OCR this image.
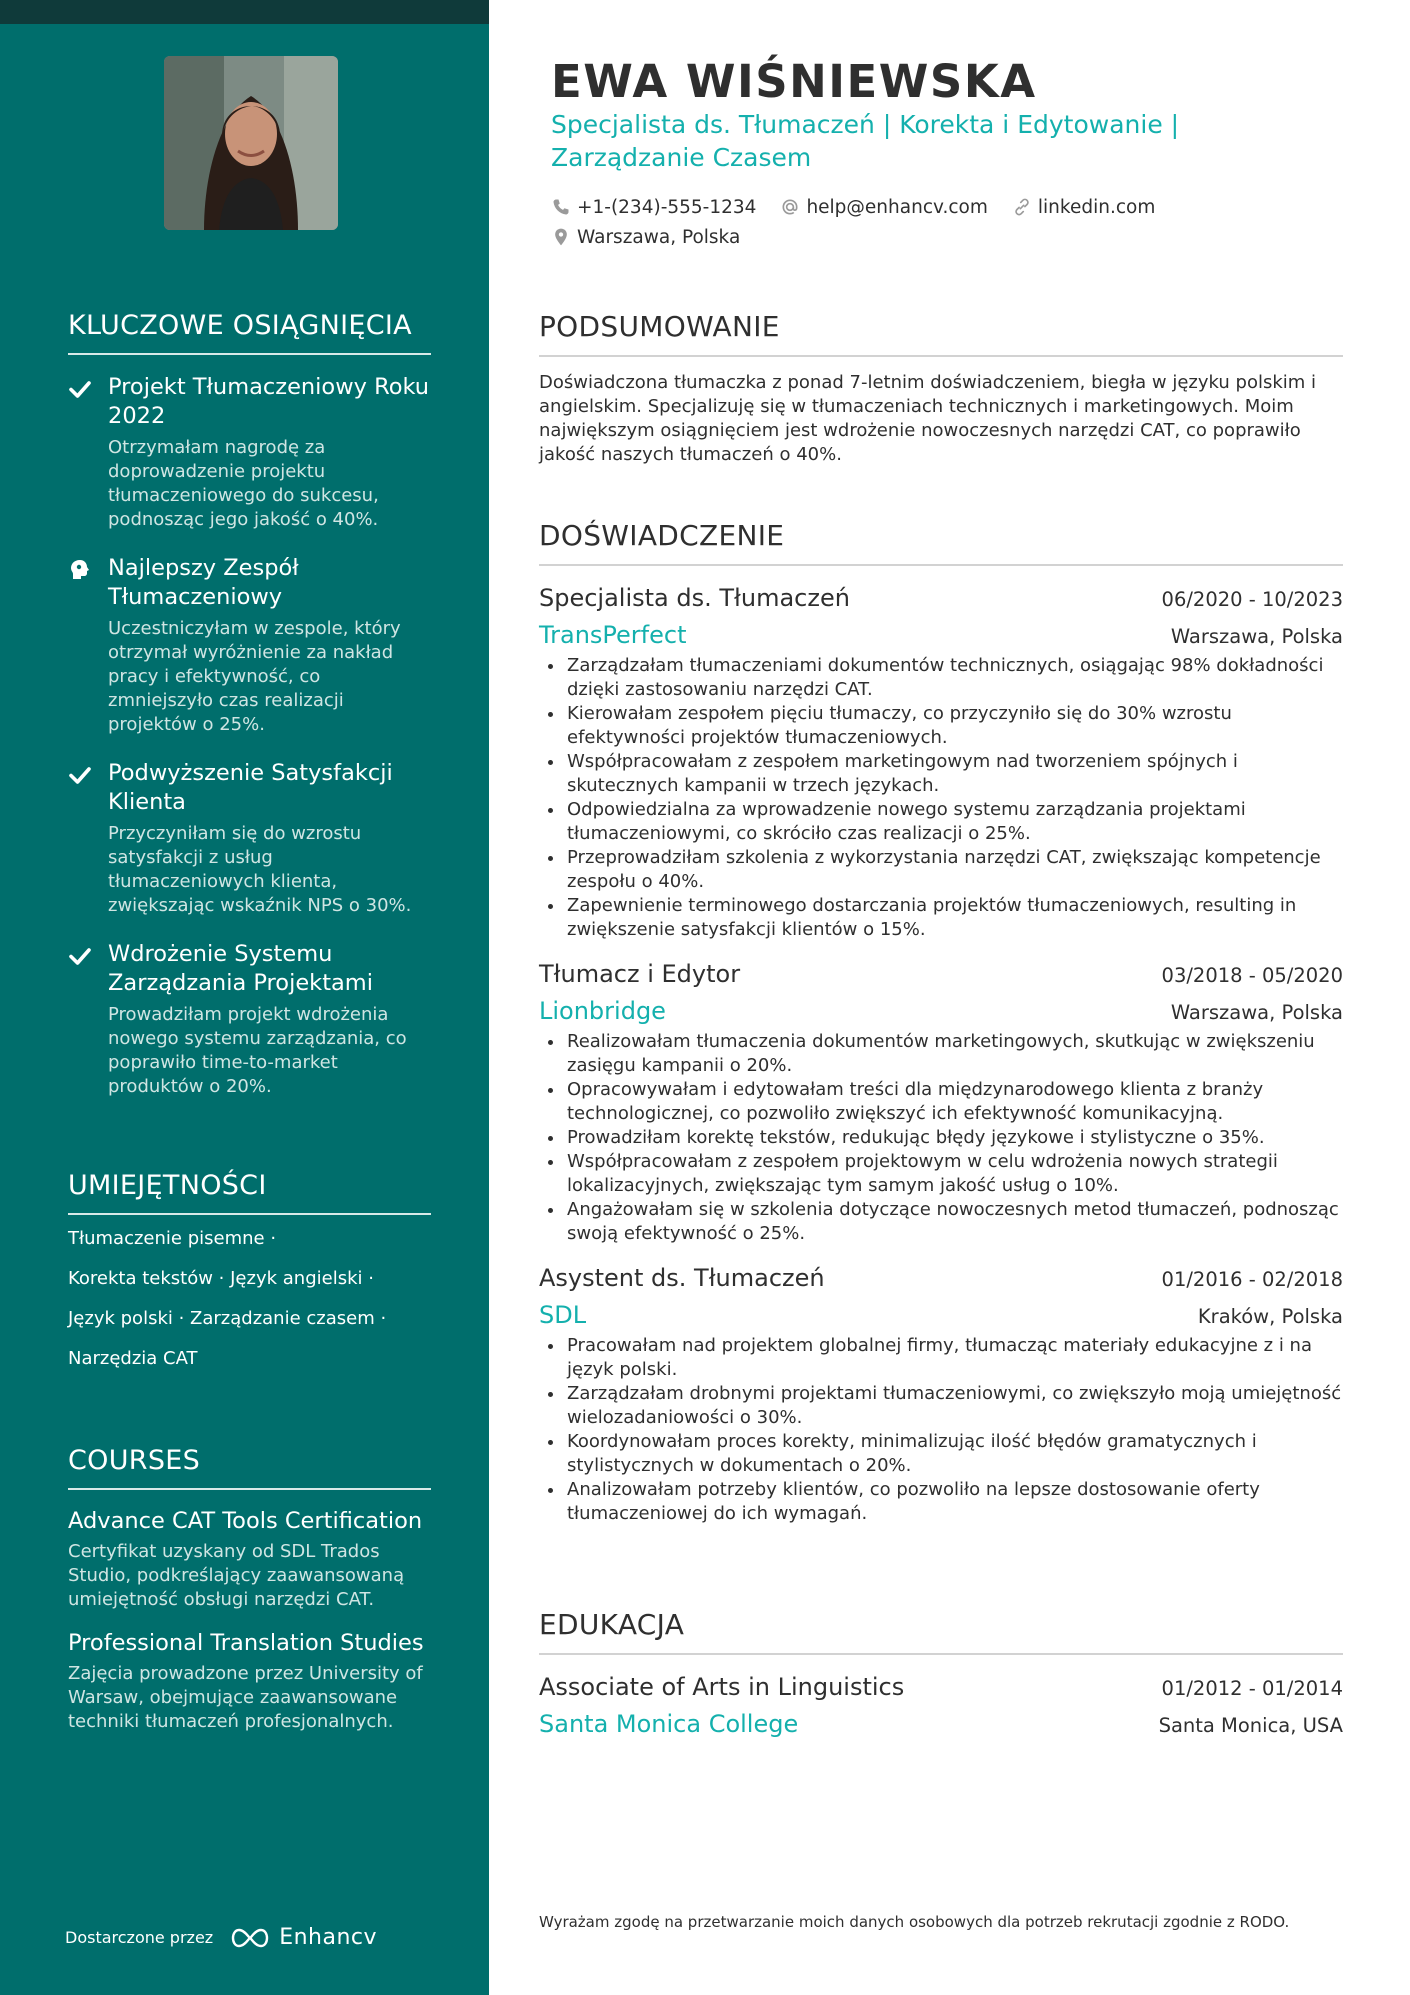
KLUCZOWE OSIĄGNIĘCIA
Projekt Tłumaczeniowy Roku 2022
Otrzymałam nagrodę za doprowadzenie projektu tłumaczeniowego do sukcesu, podnosząc jego jakość o 40%.
Najlepszy Zespół Tłumaczeniowy
Uczestniczyłam w zespole, który otrzymał wyróżnienie za nakład pracy i efektywność, co zmniejszyło czas realizacji projektów o 25%.
Podwyższenie Satysfakcji Klienta
Przyczyniłam się do wzrostu satysfakcji z usług tłumaczeniowych klienta, zwiększając wskaźnik NPS o 30%.
Wdrożenie Systemu Zarządzania Projektami
Prowadziłam projekt wdrożenia nowego systemu zarządzania, co poprawiło time-to-market produktów o 20%.
UMIEJĘTNOŚCI
Tłumaczenie pisemne ·
Korekta tekstów · Język angielski ·
Język polski · Zarządzanie czasem ·
Narzędzia CAT
COURSES
Advance CAT Tools Certification
Certyfikat uzyskany od SDL Trados Studio, podkreślający zaawansowaną umiejętność obsługi narzędzi CAT.
Professional Translation Studies
Zajęcia prowadzone przez University of Warsaw, obejmujące zaawansowane techniki tłumaczeń profesjonalnych.
Dostarczone przez	Enhancv
EWA WIŚNIEWSKA
Specjalista ds. Tłumaczeń | Korekta i Edytowanie | Zarządzanie Czasem
+1-(234)-555-1234	help@enhancv.com	linkedin.com
Warszawa, Polska
PODSUMOWANIE
Doświadczona tłumaczka z ponad 7-letnim doświadczeniem, biegła w języku polskim i angielskim. Specjalizuję się w tłumaczeniach technicznych i marketingowych. Moim największym osiągnięciem jest wdrożenie nowoczesnych narzędzi CAT, co poprawiło jakość naszych tłumaczeń o 40%.
DOŚWIADCZENIE
Specjalista ds. Tłumaczeń	06/2020 - 10/2023
TransPerfect	Warszawa, Polska
Zarządzałam tłumaczeniami dokumentów technicznych, osiągając 98% dokładności dzięki zastosowaniu narzędzi CAT.
Kierowałam zespołem pięciu tłumaczy, co przyczyniło się do 30% wzrostu efektywności projektów tłumaczeniowych.
Współpracowałam z zespołem marketingowym nad tworzeniem spójnych i skutecznych kampanii w trzech językach.
Odpowiedzialna za wprowadzenie nowego systemu zarządzania projektami tłumaczeniowymi, co skróciło czas realizacji o 25%.
Przeprowadziłam szkolenia z wykorzystania narzędzi CAT, zwiększając kompetencje zespołu o 40%.
Zapewnienie terminowego dostarczania projektów tłumaczeniowych, resulting in zwiększenie satysfakcji klientów o 15%.
Tłumacz i Edytor	03/2018 - 05/2020
Lionbridge	Warszawa, Polska
Realizowałam tłumaczenia dokumentów marketingowych, skutkując w zwiększeniu zasięgu kampanii o 20%.
Opracowywałam i edytowałam treści dla międzynarodowego klienta z branży technologicznej, co pozwoliło zwiększyć ich efektywność komunikacyjną.
Prowadziłam korektę tekstów, redukując błędy językowe i stylistyczne o 35%.
Współpracowałam z zespołem projektowym w celu wdrożenia nowych strategii lokalizacyjnych, zwiększając tym samym jakość usług o 10%.
Angażowałam się w szkolenia dotyczące nowoczesnych metod tłumaczeń, podnosząc swoją efektywność o 25%.
Asystent ds. Tłumaczeń	01/2016 - 02/2018
SDL	Kraków, Polska
Pracowałam nad projektem globalnej firmy, tłumacząc materiały edukacyjne z i na język polski.
Zarządzałam drobnymi projektami tłumaczeniowymi, co zwiększyło moją umiejętność wielozadaniowości o 30%.
Koordynowałam proces korekty, minimalizując ilość błędów gramatycznych i stylistycznych w dokumentach o 20%.
Analizowałam potrzeby klientów, co pozwoliło na lepsze dostosowanie oferty tłumaczeniowej do ich wymagań.
EDUKACJA
Associate of Arts in Linguistics	01/2012 - 01/2014
Santa Monica College	Santa Monica, USA
Wyrażam zgodę na przetwarzanie moich danych osobowych dla potrzeb rekrutacji zgodnie z RODO.
